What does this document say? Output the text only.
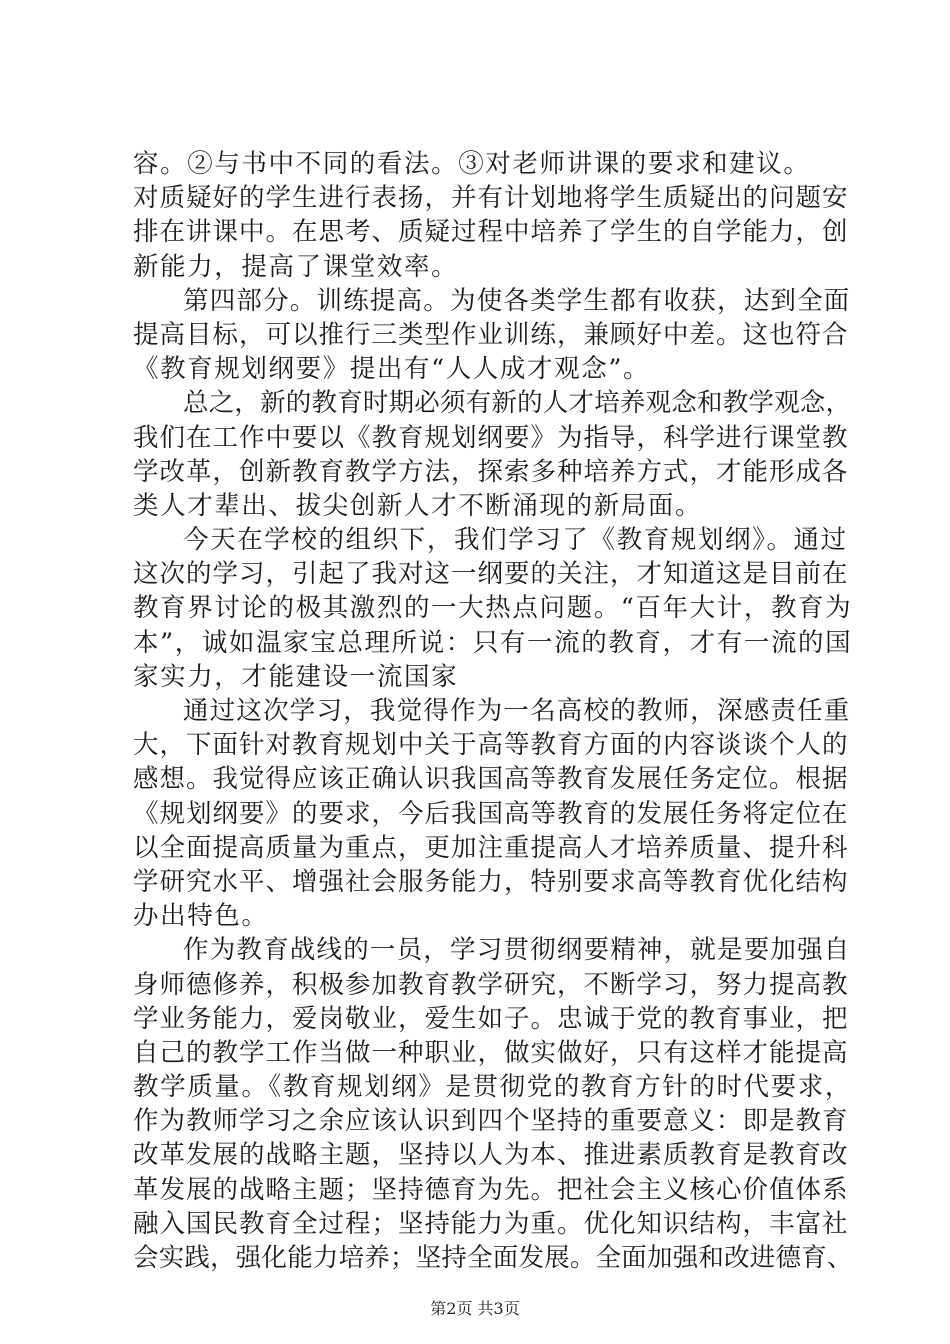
容。②与书中不同的看法。③对老师讲课的要求和建议。
对质疑好的学生进行表扬，并有计划地将学生质疑出的问题安
排在讲课中。在思考、质疑过程中培养了学生的自学能力，创
新能力，提高了课堂效率。
第四部分。训练提高。为使各类学生都有收获，达到全面
提高目标，可以推行三类型作业训练，兼顾好中差。这也符合
《教育规划纲要》提出有“人人成才观念”。
总之，新的教育时期必须有新的人才培养观念和教学观念，
我们在工作中要以《教育规划纲要》为指导，科学进行课堂教
学改革，创新教育教学方法，探索多种培养方式，才能形成各
类人才辈出、拔尖创新人才不断涌现的新局面。
今天在学校的组织下，我们学习了《教育规划纲》。通过
这次的学习，引起了我对这一纲要的关注，才知道这是目前在
教育界讨论的极其激烈的一大热点问题。“百年大计，教育为
本”，诚如温家宝总理所说：只有一流的教育，才有一流的国
家实力，才能建设一流国家
通过这次学习，我觉得作为一名高校的教师，深感责任重
大，下面针对教育规划中关于高等教育方面的内容谈谈个人的
感想。我觉得应该正确认识我国高等教育发展任务定位。根据
《规划纲要》的要求，今后我国高等教育的发展任务将定位在
以全面提高质量为重点，更加注重提高人才培养质量、提升科
学研究水平、增强社会服务能力，特别要求高等教育优化结构
办出特色。
作为教育战线的一员，学习贯彻纲要精神，就是要加强自
身师德修养，积极参加教育教学研究，不断学习，努力提高教
学业务能力，爱岗敬业，爱生如子。忠诚于党的教育事业，把
自己的教学工作当做一种职业，做实做好，只有这样才能提高
教学质量。《教育规划纲》是贯彻党的教育方针的时代要求，
作为教师学习之余应该认识到四个坚持的重要意义：即是教育
改革发展的战略主题，坚持以人为本、推进素质教育是教育改
革发展的战略主题；坚持德育为先。把社会主义核心价值体系
融入国民教育全过程；坚持能力为重。优化知识结构，丰富社
会实践，强化能力培养；坚持全面发展。全面加强和改进德育、
第2页 共3页
